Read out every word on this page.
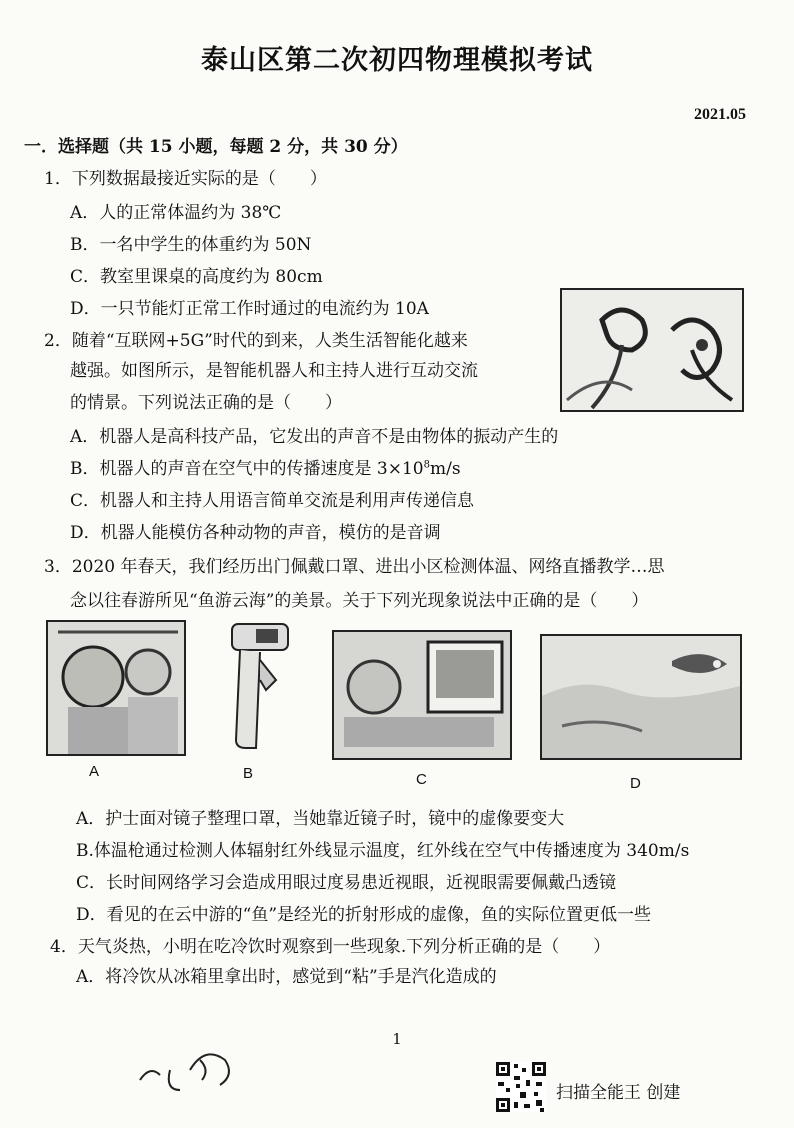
泰山区第二次初四物理模拟考试
2021.05
一．选择题（共 15 小题，每题 2 分，共 30 分）
1．下列数据最接近实际的是（　　）
A．人的正常体温约为 38℃
B．一名中学生的体重约为 50N
C．教室里课桌的高度约为 80cm
D．一只节能灯正常工作时通过的电流约为 10A
2．随着“互联网+5G”时代的到来，人类生活智能化越来
越强。如图所示，是智能机器人和主持人进行互动交流
的情景。下列说法正确的是（　　）
A．机器人是高科技产品，它发出的声音不是由物体的振动产生的
B．机器人的声音在空气中的传播速度是 $3\times 10^8m/s$
C．机器人和主持人用语言简单交流是利用声传递信息
D．机器人能模仿各种动物的声音，模仿的是音调
3．2020 年春天，我们经历出门佩戴口罩、进出小区检测体温、网络直播教学…思
念以往春游所见“鱼游云海”的美景。关于下列光现象说法中正确的是（　　）
A	B	C	D
A．护士面对镜子整理口罩，当她靠近镜子时，镜中的虚像要变大
B.体温枪通过检测人体辐射红外线显示温度，红外线在空气中传播速度为 340m/s
C．长时间网络学习会造成用眼过度易患近视眼，近视眼需要佩戴凸透镜
D．看见的在云中游的“鱼”是经光的折射形成的虚像，鱼的实际位置更低一些
4．天气炎热，小明在吃冷饮时观察到一些现象.下列分析正确的是（　　）
A．将冷饮从冰箱里拿出时，感觉到“粘”手是汽化造成的
1
扫描全能王 创建
